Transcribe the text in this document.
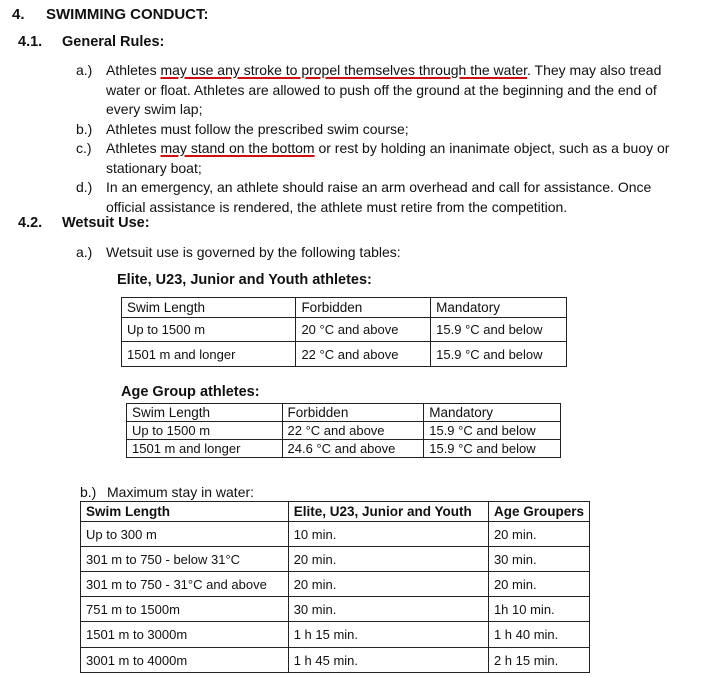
4. SWIMMING CONDUCT:
4.1. General Rules:
a.) Athletes may use any stroke to propel themselves through the water. They may also tread water or float. Athletes are allowed to push off the ground at the beginning and the end of every swim lap;
b.) Athletes must follow the prescribed swim course;
c.) Athletes may stand on the bottom or rest by holding an inanimate object, such as a buoy or stationary boat;
d.) In an emergency, an athlete should raise an arm overhead and call for assistance. Once official assistance is rendered, the athlete must retire from the competition.
4.2. Wetsuit Use:
a.) Wetsuit use is governed by the following tables:
Elite, U23, Junior and Youth athletes:
Swim Length	Forbidden	Mandatory
Up to 1500 m	20 °C and above	15.9 °C and below
1501 m and longer	22 °C and above	15.9 °C and below
Age Group athletes:
Swim Length	Forbidden	Mandatory
Up to 1500 m	22 °C and above	15.9 °C and below
1501 m and longer	24.6 °C and above	15.9 °C and below
b.) Maximum stay in water:
Swim Length	Elite, U23, Junior and Youth	Age Groupers
Up to 300 m	10 min.	20 min.
301 m to 750 - below 31°C	20 min.	30 min.
301 m to 750 - 31°C and above	20 min.	20 min.
751 m to 1500m	30 min.	1h 10 min.
1501 m to 3000m	1 h 15 min.	1 h 40 min.
3001 m to 4000m	1 h 45 min.	2 h 15 min.
